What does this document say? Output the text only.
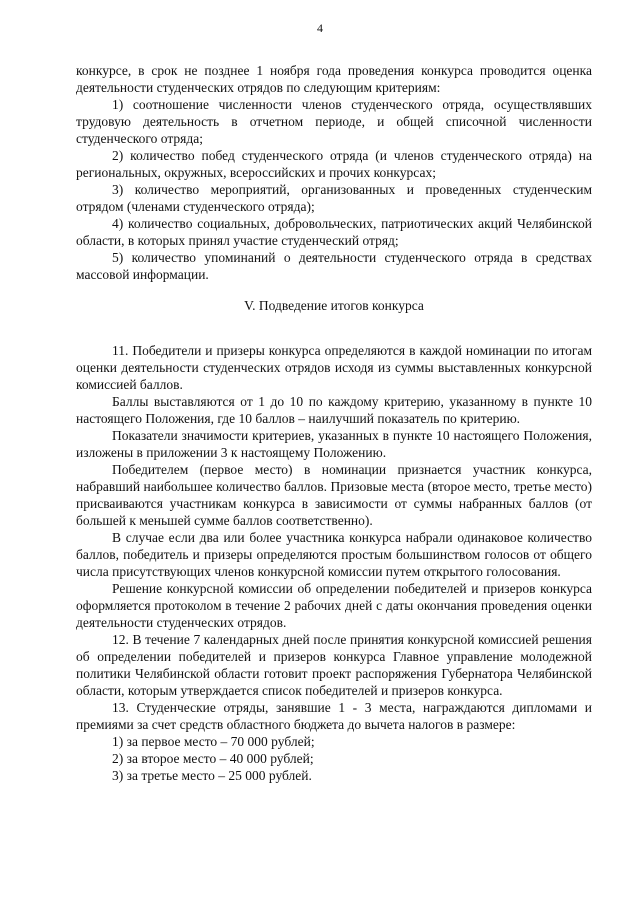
4

конкурсе, в срок не позднее 1 ноября года проведения конкурса проводится оценка деятельности студенческих отрядов по следующим критериям:

1) соотношение численности членов студенческого отряда, осуществлявших трудовую деятельность в отчетном периоде, и общей списочной численности студенческого отряда;

2) количество побед студенческого отряда (и членов студенческого отряда) на региональных, окружных, всероссийских и прочих конкурсах;

3) количество мероприятий, организованных и проведенных студенческим отрядом (членами студенческого отряда);

4) количество социальных, добровольческих, патриотических акций Челябинской области, в которых принял участие студенческий отряд;

5) количество упоминаний о деятельности студенческого отряда в средствах массовой информации.

V. Подведение итогов конкурса

11. Победители и призеры конкурса определяются в каждой номинации по итогам оценки деятельности студенческих отрядов исходя из суммы выставленных конкурсной комиссией баллов.

Баллы выставляются от 1 до 10 по каждому критерию, указанному в пункте 10 настоящего Положения, где 10 баллов – наилучший показатель по критерию.

Показатели значимости критериев, указанных в пункте 10 настоящего Положения, изложены в приложении 3 к настоящему Положению.

Победителем (первое место) в номинации признается участник конкурса, набравший наибольшее количество баллов. Призовые места (второе место, третье место) присваиваются участникам конкурса в зависимости от суммы набранных баллов (от большей к меньшей сумме баллов соответственно).

В случае если два или более участника конкурса набрали одинаковое количество баллов, победитель и призеры определяются простым большинством голосов от общего числа присутствующих членов конкурсной комиссии путем открытого голосования.

Решение конкурсной комиссии об определении победителей и призеров конкурса оформляется протоколом в течение 2 рабочих дней с даты окончания проведения оценки деятельности студенческих отрядов.

12. В течение 7 календарных дней после принятия конкурсной комиссией решения об определении победителей и призеров конкурса Главное управление молодежной политики Челябинской области готовит проект распоряжения Губернатора Челябинской области, которым утверждается список победителей и призеров конкурса.

13. Студенческие отряды, занявшие 1 - 3 места, награждаются дипломами и премиями за счет средств областного бюджета до вычета налогов в размере:

1) за первое место – 70 000 рублей;

2) за второе место – 40 000 рублей;

3) за третье место – 25 000 рублей.
